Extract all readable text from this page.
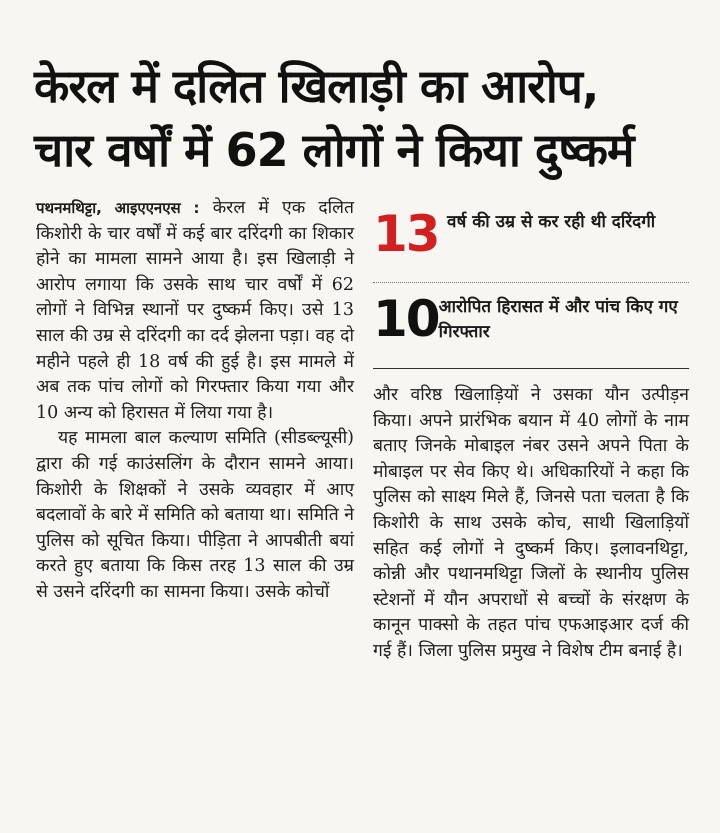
केरल में दलित खिलाड़ी का आरोप,
चार वर्षों में 62 लोगों ने किया दुष्कर्म

पथनमथिट्टा, आइएएनएस : केरल में एक दलित किशोरी के चार वर्षों में कई बार दरिंदगी का शिकार होने का मामला सामने आया है। इस खिलाड़ी ने आरोप लगाया कि उसके साथ चार वर्षों में 62 लोगों ने विभिन्न स्थानों पर दुष्कर्म किए। उसे 13 साल की उम्र से दरिंदगी का दर्द झेलना पड़ा। वह दो महीने पहले ही 18 वर्ष की हुई है। इस मामले में अब तक पांच लोगों को गिरफ्तार किया गया और 10 अन्य को हिरासत में लिया गया है।

यह मामला बाल कल्याण समिति (सीडब्ल्यूसी) द्वारा की गई काउंसलिंग के दौरान सामने आया। किशोरी के शिक्षकों ने उसके व्यवहार में आए बदलावों के बारे में समिति को बताया था। समिति ने पुलिस को सूचित किया। पीड़िता ने आपबीती बयां करते हुए बताया कि किस तरह 13 साल की उम्र से उसने दरिंदगी का सामना किया। उसके कोचों

13 वर्ष की उम्र से कर रही थी दरिंदगी
10 आरोपित हिरासत में और पांच किए गए गिरफ्तार

और वरिष्ठ खिलाड़ियों ने उसका यौन उत्पीड़न किया। अपने प्रारंभिक बयान में 40 लोगों के नाम बताए जिनके मोबाइल नंबर उसने अपने पिता के मोबाइल पर सेव किए थे। अधिकारियों ने कहा कि पुलिस को साक्ष्य मिले हैं, जिनसे पता चलता है कि किशोरी के साथ उसके कोच, साथी खिलाड़ियों सहित कई लोगों ने दुष्कर्म किए। इलावनथिट्टा, कोन्नी और पथानमथिट्टा जिलों के स्थानीय पुलिस स्टेशनों में यौन अपराधों से बच्चों के संरक्षण के कानून पाक्सो के तहत पांच एफआइआर दर्ज की गई हैं। जिला पुलिस प्रमुख ने विशेष टीम बनाई है।
